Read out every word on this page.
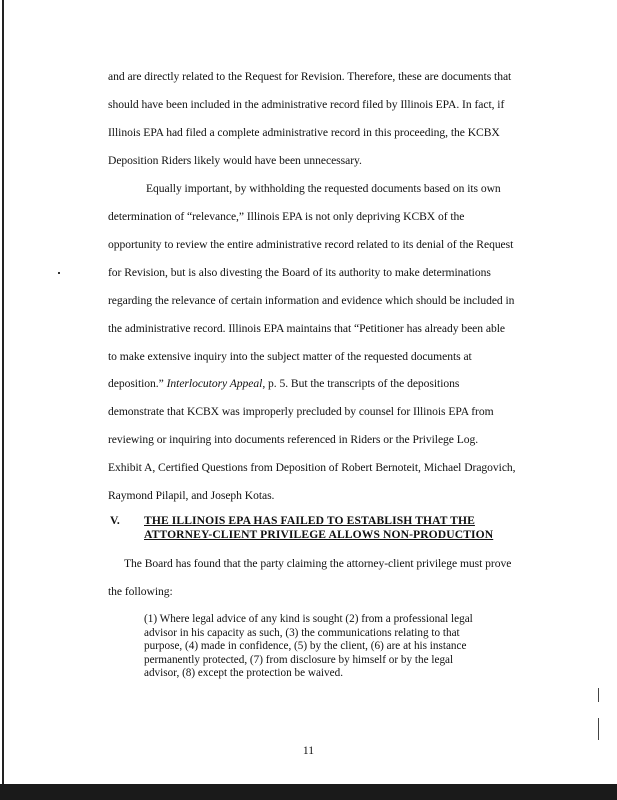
and are directly related to the Request for Revision. Therefore, these are documents that
should have been included in the administrative record filed by Illinois EPA. In fact, if
Illinois EPA had filed a complete administrative record in this proceeding, the KCBX
Deposition Riders likely would have been unnecessary.
Equally important, by withholding the requested documents based on its own
determination of “relevance,” Illinois EPA is not only depriving KCBX of the
opportunity to review the entire administrative record related to its denial of the Request
for Revision, but is also divesting the Board of its authority to make determinations
regarding the relevance of certain information and evidence which should be included in
the administrative record. Illinois EPA maintains that “Petitioner has already been able
to make extensive inquiry into the subject matter of the requested documents at
deposition.” Interlocutory Appeal, p. 5. But the transcripts of the depositions
demonstrate that KCBX was improperly precluded by counsel for Illinois EPA from
reviewing or inquiring into documents referenced in Riders or the Privilege Log.
Exhibit A, Certified Questions from Deposition of Robert Bernoteit, Michael Dragovich,
Raymond Pilapil, and Joseph Kotas.
V. THE ILLINOIS EPA HAS FAILED TO ESTABLISH THAT THE
ATTORNEY-CLIENT PRIVILEGE ALLOWS NON-PRODUCTION
The Board has found that the party claiming the attorney-client privilege must prove
the following:
(1) Where legal advice of any kind is sought (2) from a professional legal
advisor in his capacity as such, (3) the communications relating to that
purpose, (4) made in confidence, (5) by the client, (6) are at his instance
permanently protected, (7) from disclosure by himself or by the legal
advisor, (8) except the protection be waived.
11
